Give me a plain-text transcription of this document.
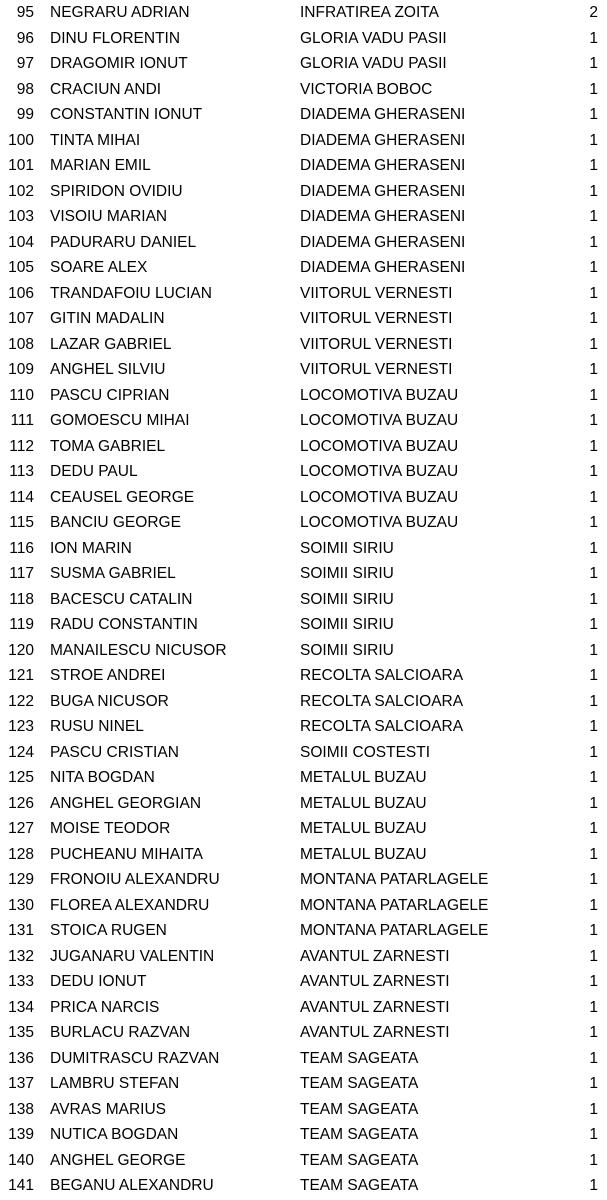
95 NEGRARU ADRIAN	INFRATIREA ZOITA	2
96 DINU FLORENTIN	GLORIA VADU PASII	1
97 DRAGOMIR IONUT	GLORIA VADU PASII	1
98 CRACIUN ANDI	VICTORIA BOBOC	1
99 CONSTANTIN IONUT	DIADEMA GHERASENI	1
100 TINTA MIHAI	DIADEMA GHERASENI	1
101 MARIAN EMIL	DIADEMA GHERASENI	1
102 SPIRIDON OVIDIU	DIADEMA GHERASENI	1
103 VISOIU MARIAN	DIADEMA GHERASENI	1
104 PADURARU DANIEL	DIADEMA GHERASENI	1
105 SOARE ALEX	DIADEMA GHERASENI	1
106 TRANDAFOIU LUCIAN	VIITORUL VERNESTI	1
107 GITIN MADALIN	VIITORUL VERNESTI	1
108 LAZAR GABRIEL	VIITORUL VERNESTI	1
109 ANGHEL SILVIU	VIITORUL VERNESTI	1
110 PASCU CIPRIAN	LOCOMOTIVA BUZAU	1
111 GOMOESCU MIHAI	LOCOMOTIVA BUZAU	1
112 TOMA GABRIEL	LOCOMOTIVA BUZAU	1
113 DEDU PAUL	LOCOMOTIVA BUZAU	1
114 CEAUSEL GEORGE	LOCOMOTIVA BUZAU	1
115 BANCIU GEORGE	LOCOMOTIVA BUZAU	1
116 ION MARIN	SOIMII SIRIU	1
117 SUSMA GABRIEL	SOIMII SIRIU	1
118 BACESCU CATALIN	SOIMII SIRIU	1
119 RADU CONSTANTIN	SOIMII SIRIU	1
120 MANAILESCU NICUSOR	SOIMII SIRIU	1
121 STROE ANDREI	RECOLTA SALCIOARA	1
122 BUGA NICUSOR	RECOLTA SALCIOARA	1
123 RUSU NINEL	RECOLTA SALCIOARA	1
124 PASCU CRISTIAN	SOIMII COSTESTI	1
125 NITA BOGDAN	METALUL BUZAU	1
126 ANGHEL GEORGIAN	METALUL BUZAU	1
127 MOISE TEODOR	METALUL BUZAU	1
128 PUCHEANU MIHAITA	METALUL BUZAU	1
129 FRONOIU ALEXANDRU	MONTANA PATARLAGELE	1
130 FLOREA ALEXANDRU	MONTANA PATARLAGELE	1
131 STOICA RUGEN	MONTANA PATARLAGELE	1
132 JUGANARU VALENTIN	AVANTUL ZARNESTI	1
133 DEDU IONUT	AVANTUL ZARNESTI	1
134 PRICA NARCIS	AVANTUL ZARNESTI	1
135 BURLACU RAZVAN	AVANTUL ZARNESTI	1
136 DUMITRASCU RAZVAN	TEAM SAGEATA	1
137 LAMBRU STEFAN	TEAM SAGEATA	1
138 AVRAS MARIUS	TEAM SAGEATA	1
139 NUTICA BOGDAN	TEAM SAGEATA	1
140 ANGHEL GEORGE	TEAM SAGEATA	1
141 BEGANU ALEXANDRU	TEAM SAGEATA	1
